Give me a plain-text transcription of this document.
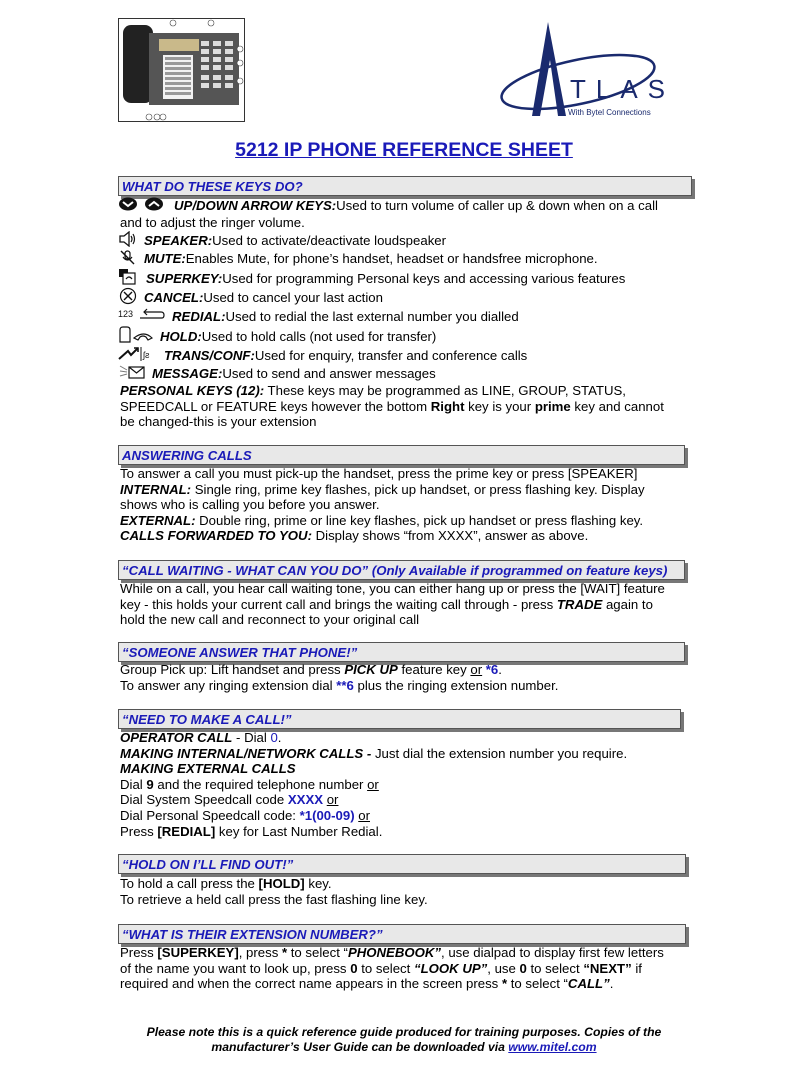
TLAS
With Bytel Connections
5212 IP PHONE REFERENCE SHEET
WHAT DO THESE KEYS DO?
UP/DOWN ARROW KEYS: Used to turn volume of caller up & down when on a call
and to adjust the ringer volume.
SPEAKER: Used to activate/deactivate loudspeaker
MUTE: Enables Mute, for phone’s handset, headset or handsfree microphone.
SUPERKEY: Used for programming Personal keys and accessing various features
CANCEL: Used to cancel your last action
123	REDIAL: Used to redial the last external number you dialled
HOLD: Used to hold calls (not used for transfer)
ʃƨ TRANS/CONF: Used for enquiry, transfer and conference calls
MESSAGE: Used to send and answer messages
PERSONAL KEYS (12): These keys may be programmed as LINE, GROUP, STATUS,
SPEEDCALL or FEATURE keys however the bottom Right key is your prime key and cannot
be changed-this is your extension
ANSWERING CALLS
To answer a call you must pick-up the handset, press the prime key or press [SPEAKER]
INTERNAL: Single ring, prime key flashes, pick up handset, or press flashing key. Display
shows who is calling you before you answer.
EXTERNAL: Double ring, prime or line key flashes, pick up handset or press flashing key.
CALLS FORWARDED TO YOU: Display shows “from XXXX”, answer as above.
“CALL WAITING - WHAT CAN YOU DO” (Only Available if programmed on feature keys)
While on a call, you hear call waiting tone, you can either hang up or press the [WAIT] feature
key - this holds your current call and brings the waiting call through - press TRADE again to
hold the new call and reconnect to your original call
“SOMEONE ANSWER THAT PHONE!”
Group Pick up: Lift handset and press PICK UP feature key or *6.
To answer any ringing extension dial **6 plus the ringing extension number.
“NEED TO MAKE A CALL!”
OPERATOR CALL - Dial 0.
MAKING INTERNAL/NETWORK CALLS - Just dial the extension number you require.
MAKING EXTERNAL CALLS
Dial 9 and the required telephone number or
Dial System Speedcall code XXXX or
Dial Personal Speedcall code: *1(00-09) or
Press [REDIAL] key for Last Number Redial.
“HOLD ON I’LL FIND OUT!”
To hold a call press the [HOLD] key.
To retrieve a held call press the fast flashing line key.
“WHAT IS THEIR EXTENSION NUMBER?”
Press [SUPERKEY], press * to select “PHONEBOOK”, use dialpad to display first few letters
of the name you want to look up, press 0 to select “LOOK UP”, use 0 to select “NEXT” if
required and when the correct name appears in the screen press * to select “CALL”.
Please note this is a quick reference guide produced for training purposes. Copies of the
manufacturer’s User Guide can be downloaded via www.mitel.com
